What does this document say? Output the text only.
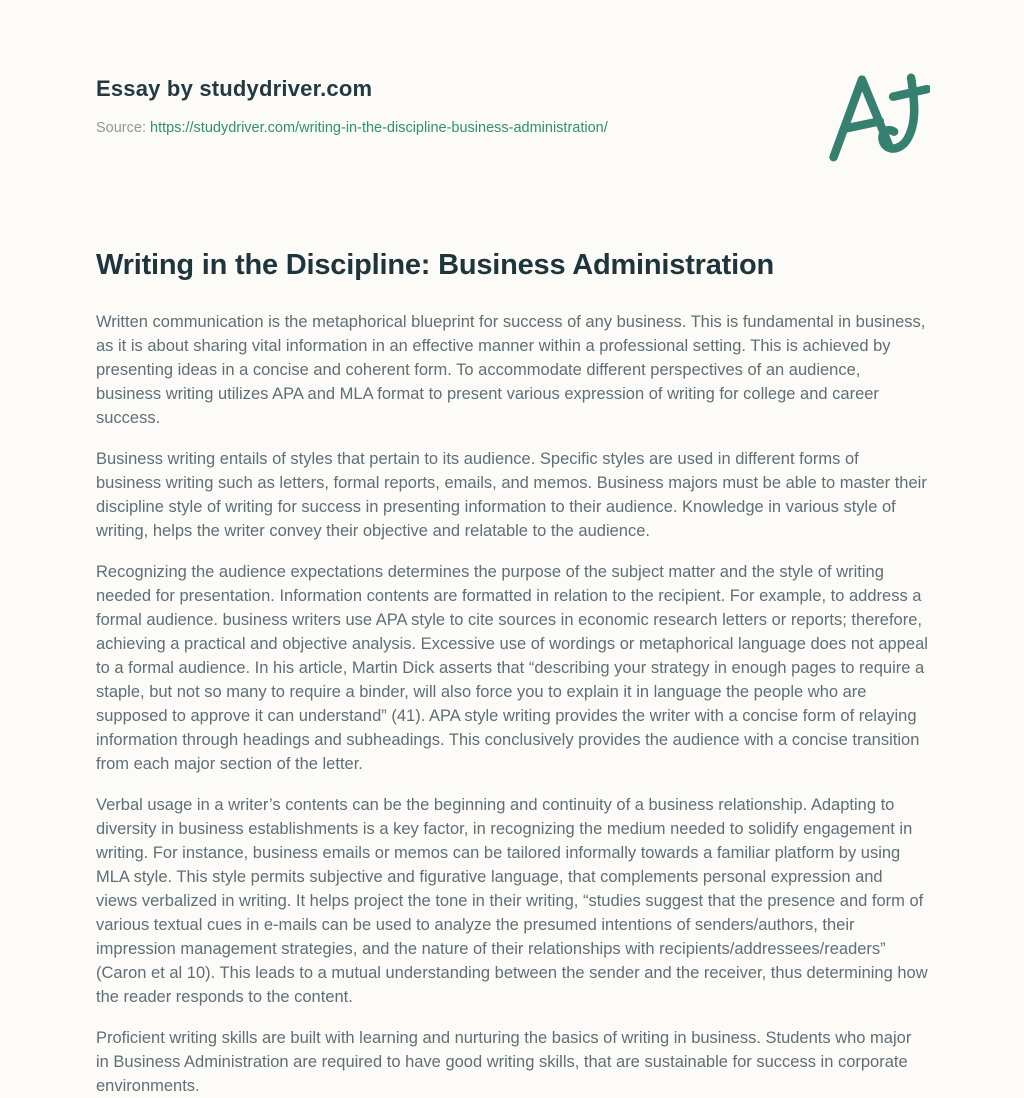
Essay by studydriver.com

Source: https://studydriver.com/writing-in-the-discipline-business-administration/

Writing in the Discipline: Business Administration

Written communication is the metaphorical blueprint for success of any business. This is fundamental in business, as it is about sharing vital information in an effective manner within a professional setting. This is achieved by presenting ideas in a concise and coherent form. To accommodate different perspectives of an audience, business writing utilizes APA and MLA format to present various expression of writing for college and career success.

Business writing entails of styles that pertain to its audience. Specific styles are used in different forms of business writing such as letters, formal reports, emails, and memos. Business majors must be able to master their discipline style of writing for success in presenting information to their audience. Knowledge in various style of writing, helps the writer convey their objective and relatable to the audience.

Recognizing the audience expectations determines the purpose of the subject matter and the style of writing needed for presentation. Information contents are formatted in relation to the recipient. For example, to address a formal audience. business writers use APA style to cite sources in economic research letters or reports; therefore, achieving a practical and objective analysis. Excessive use of wordings or metaphorical language does not appeal to a formal audience. In his article, Martin Dick asserts that “describing your strategy in enough pages to require a staple, but not so many to require a binder, will also force you to explain it in language the people who are supposed to approve it can understand” (41). APA style writing provides the writer with a concise form of relaying information through headings and subheadings. This conclusively provides the audience with a concise transition from each major section of the letter.

Verbal usage in a writer’s contents can be the beginning and continuity of a business relationship. Adapting to diversity in business establishments is a key factor, in recognizing the medium needed to solidify engagement in writing. For instance, business emails or memos can be tailored informally towards a familiar platform by using MLA style. This style permits subjective and figurative language, that complements personal expression and views verbalized in writing. It helps project the tone in their writing, “studies suggest that the presence and form of various textual cues in e-mails can be used to analyze the presumed intentions of senders/authors, their impression management strategies, and the nature of their relationships with recipients/addressees/readers” (Caron et al 10). This leads to a mutual understanding between the sender and the receiver, thus determining how the reader responds to the content.

Proficient writing skills are built with learning and nurturing the basics of writing in business. Students who major in Business Administration are required to have good writing skills, that are sustainable for success in corporate environments.
